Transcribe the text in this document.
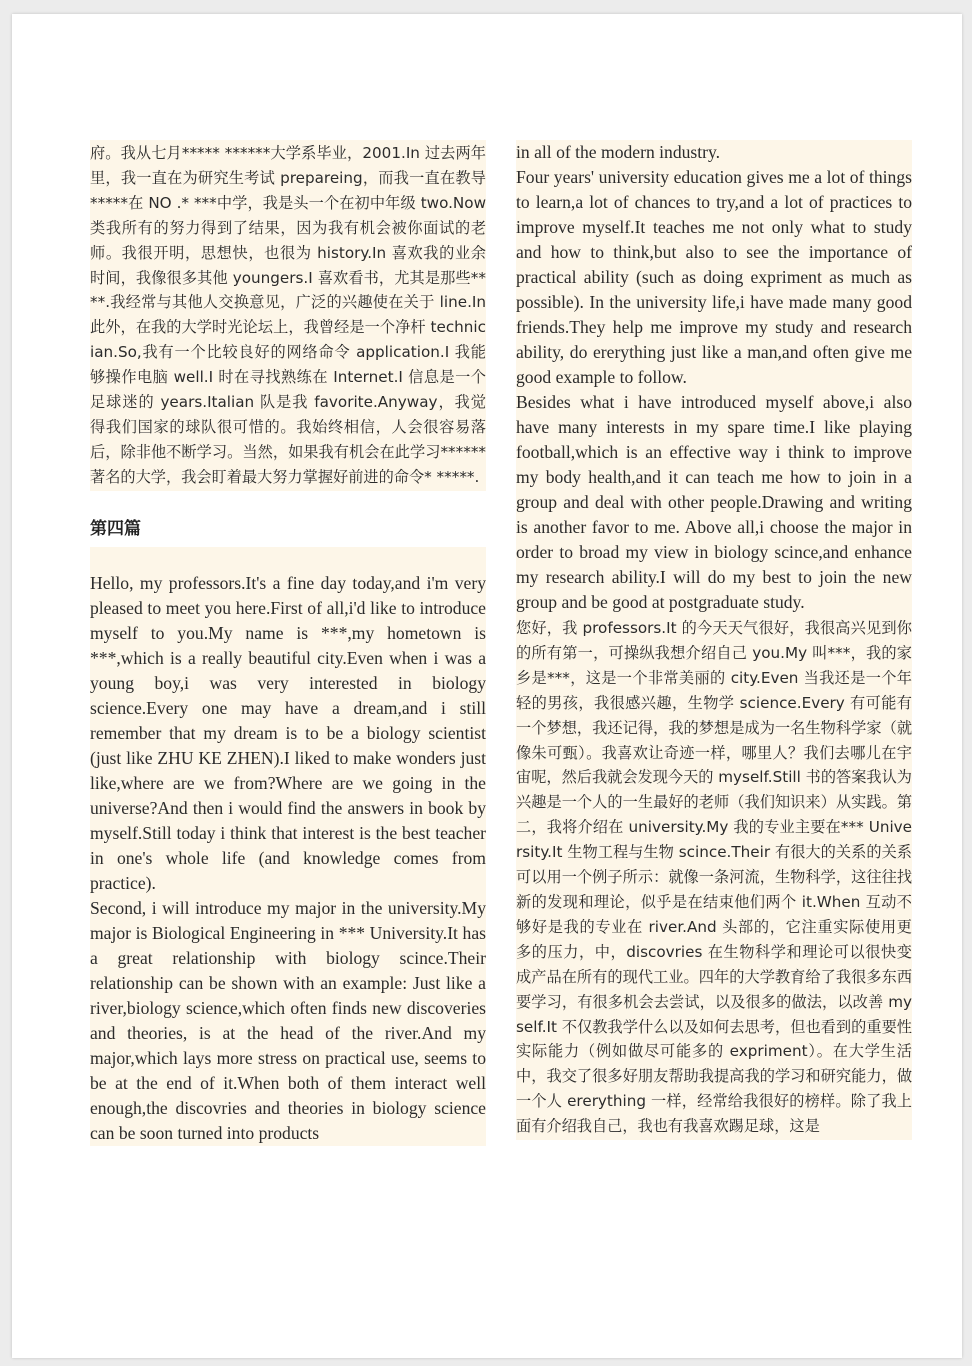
府。我从七月***** ******大学系毕业，2001.In 过去两年里，我一直在为研究生考试 prepareing，而我一直在教导*****在 NO .* ***中学，我是头一个在初中年级 two.Now 类我所有的努力得到了结果，因为我有机会被你面试的老师。我很开明，思想快，也很为 history.In 喜欢我的业余时间，我像很多其他 youngers.I 喜欢看书，尤其是那些****.我经常与其他人交换意见，广泛的兴趣使在关于 line.In 此外，在我的大学时光论坛上，我曾经是一个净杆 technician.So,我有一个比较良好的网络命令 application.I 我能够操作电脑 well.I 时在寻找熟练在 Internet.I 信息是一个足球迷的 years.Italian 队是我 favorite.Anyway，我觉得我们国家的球队很可惜的。我始终相信，人会很容易落后，除非他不断学习。当然，如果我有机会在此学习******著名的大学，我会盯着最大努力掌握好前进的命令* *****.
第四篇
Hello, my professors.It's a fine day today,and i'm very pleased to meet you here.First of all,i'd like to introduce myself to you.My name is ***,my hometown is ***,which is a really beautiful city.Even when i was a young boy,i was very interested in biology science.Every one may have a dream,and i still remember that my dream is to be a biology scientist (just like ZHU KE ZHEN).I liked to make wonders just like,where are we from?Where are we going in the universe?And then i would find the answers in book by myself.Still today i think that interest is the best teacher in one's whole life (and knowledge comes from practice).
Second, i will introduce my major in the university.My major is Biological Engineering in *** University.It has a great relationship with biology scince.Their relationship can be shown with an example: Just like a river,biology science,which often finds new discoveries and theories, is at the head of the river.And my major,which lays more stress on practical use, seems to be at the end of it.When both of them interact well enough,the discovries and theories in biology science can be soon turned into products
in all of the modern industry.
Four years' university education gives me a lot of things to learn,a lot of chances to try,and a lot of practices to improve myself.It teaches me not only what to study and how to think,but also to see the importance of practical ability (such as doing expriment as much as possible). In the university life,i have made many good friends.They help me improve my study and research ability, do ererything just like a man,and often give me good example to follow.
Besides what i have introduced myself above,i also have many interests in my spare time.I like playing football,which is an effective way i think to improve my body health,and it can teach me how to join in a group and deal with other people.Drawing and writing is another favor to me. Above all,i choose the major in order to broad my view in biology scince,and enhance my research ability.I will do my best to join the new group and be good at postgraduate study.
您好，我 professors.It 的今天天气很好，我很高兴见到你的所有第一，可操纵我想介绍自己 you.My 叫***，我的家乡是***，这是一个非常美丽的 city.Even 当我还是一个年轻的男孩，我很感兴趣，生物学 science.Every 有可能有一个梦想，我还记得，我的梦想是成为一名生物科学家（就像朱可甄）。我喜欢让奇迹一样，哪里人？我们去哪儿在宇宙呢，然后我就会发现今天的 myself.Still 书的答案我认为兴趣是一个人的一生最好的老师（我们知识来）从实践。第二，我将介绍在 university.My 我的专业主要在*** University.It 生物工程与生物 scince.Their 有很大的关系的关系可以用一个例子所示：就像一条河流，生物科学，这往往找新的发现和理论，似乎是在结束他们两个 it.When 互动不够好是我的专业在 river.And 头部的，它注重实际使用更多的压力，中，discovries 在生物科学和理论可以很快变成产品在所有的现代工业。四年的大学教育给了我很多东西要学习，有很多机会去尝试，以及很多的做法，以改善 myself.It 不仅教我学什么以及如何去思考，但也看到的重要性实际能力（例如做尽可能多的 expriment）。在大学生活中，我交了很多好朋友帮助我提高我的学习和研究能力，做一个人 ererything 一样，经常给我很好的榜样。除了我上面有介绍我自己，我也有我喜欢踢足球，这是
